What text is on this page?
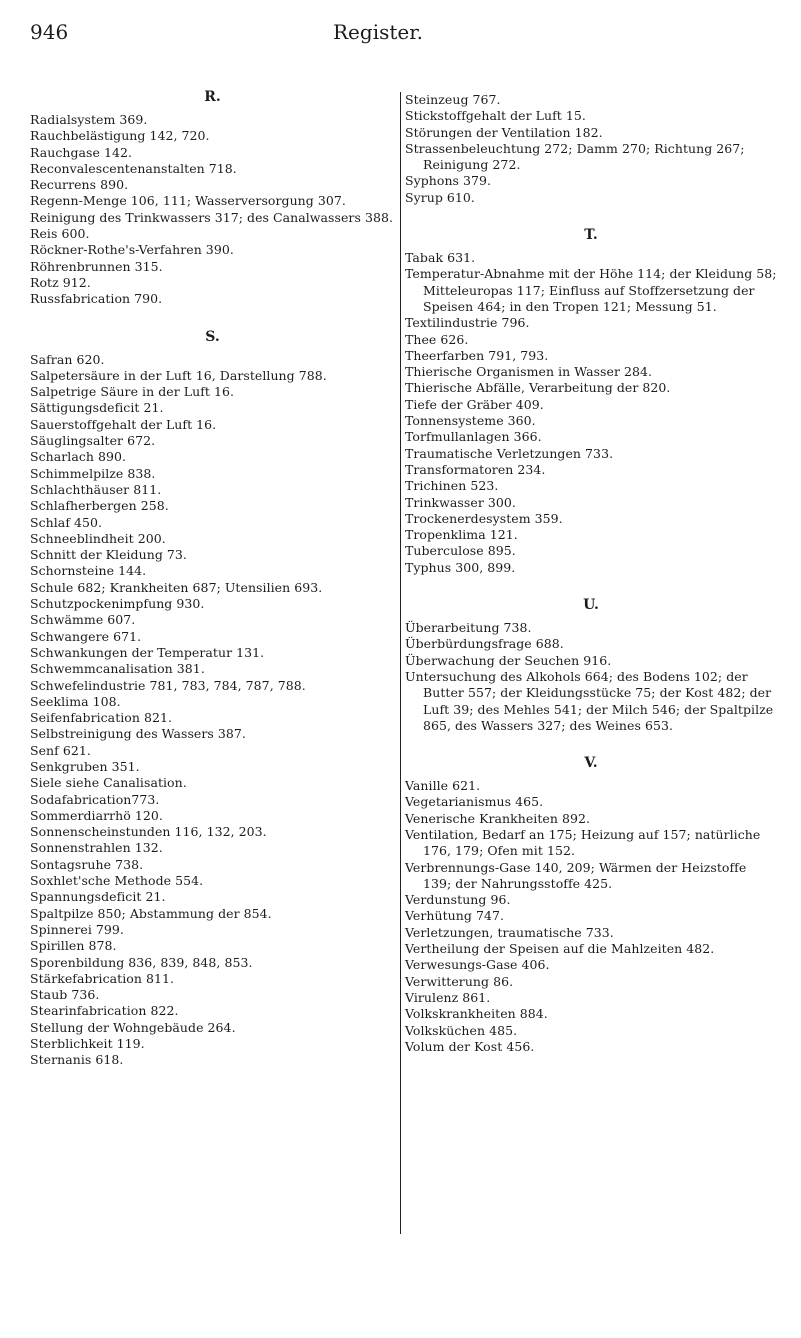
946	Register.
R.
Radialsystem 369.
Rauchbelästigung 142, 720.
Rauchgase 142.
Reconvalescentenanstalten 718.
Recurrens 890.
Regenn-Menge 106, 111; Wasserversorgung 307.
Reinigung des Trinkwassers 317; des Canalwassers 388.
Reis 600.
Röckner-Rothe's-Verfahren 390.
Röhrenbrunnen 315.
Rotz 912.
Russfabrication 790.
S.
Safran 620.
Salpetersäure in der Luft 16, Darstellung 788.
Salpetrige Säure in der Luft 16.
Sättigungsdeficit 21.
Sauerstoffgehalt der Luft 16.
Säuglingsalter 672.
Scharlach 890.
Schimmelpilze 838.
Schlachthäuser 811.
Schlafherbergen 258.
Schlaf 450.
Schneeblindheit 200.
Schnitt der Kleidung 73.
Schornsteine 144.
Schule 682; Krankheiten 687; Utensilien 693.
Schutzpockenimpfung 930.
Schwämme 607.
Schwangere 671.
Schwankungen der Temperatur 131.
Schwemmcanalisation 381.
Schwefelindustrie 781, 783, 784, 787, 788.
Seeklima 108.
Seifenfabrication 821.
Selbstreinigung des Wassers 387.
Senf 621.
Senkgruben 351.
Siele siehe Canalisation.
Sodafabrication773.
Sommerdiarrhö 120.
Sonnenscheinstunden 116, 132, 203.
Sonnenstrahlen 132.
Sontagsruhe 738.
Soxhlet'sche Methode 554.
Spannungsdeficit 21.
Spaltpilze 850; Abstammung der 854.
Spinnerei 799.
Spirillen 878.
Sporenbildung 836, 839, 848, 853.
Stärkefabrication 811.
Staub 736.
Stearinfabrication 822.
Stellung der Wohngebäude 264.
Sterblichkeit 119.
Sternanis 618.
Steinzeug 767.
Stickstoffgehalt der Luft 15.
Störungen der Ventilation 182.
Strassenbeleuchtung 272; Damm 270; Richtung 267; Reinigung 272.
Syphons 379.
Syrup 610.
T.
Tabak 631.
Temperatur-Abnahme mit der Höhe 114; der Kleidung 58; Mitteleuropas 117; Einfluss auf Stoffzersetzung der Speisen 464; in den Tropen 121; Messung 51.
Textilindustrie 796.
Thee 626.
Theerfarben 791, 793.
Thierische Organismen in Wasser 284.
Thierische Abfälle, Verarbeitung der 820.
Tiefe der Gräber 409.
Tonnensysteme 360.
Torfmullanlagen 366.
Traumatische Verletzungen 733.
Transformatoren 234.
Trichinen 523.
Trinkwasser 300.
Trockenerdesystem 359.
Tropenklima 121.
Tuberculose 895.
Typhus 300, 899.
U.
Überarbeitung 738.
Überbürdungsfrage 688.
Überwachung der Seuchen 916.
Untersuchung des Alkohols 664; des Bodens 102; der Butter 557; der Kleidungsstücke 75; der Kost 482; der Luft 39; des Mehles 541; der Milch 546; der Spaltpilze 865, des Wassers 327; des Weines 653.
V.
Vanille 621.
Vegetarianismus 465.
Venerische Krankheiten 892.
Ventilation, Bedarf an 175; Heizung auf 157; natürliche 176, 179; Ofen mit 152.
Verbrennungs-Gase 140, 209; Wärmen der Heizstoffe 139; der Nahrungsstoffe 425.
Verdunstung 96.
Verhütung 747.
Verletzungen, traumatische 733.
Vertheilung der Speisen auf die Mahlzeiten 482.
Verwesungs-Gase 406.
Verwitterung 86.
Virulenz 861.
Volkskrankheiten 884.
Volksküchen 485.
Volum der Kost 456.
